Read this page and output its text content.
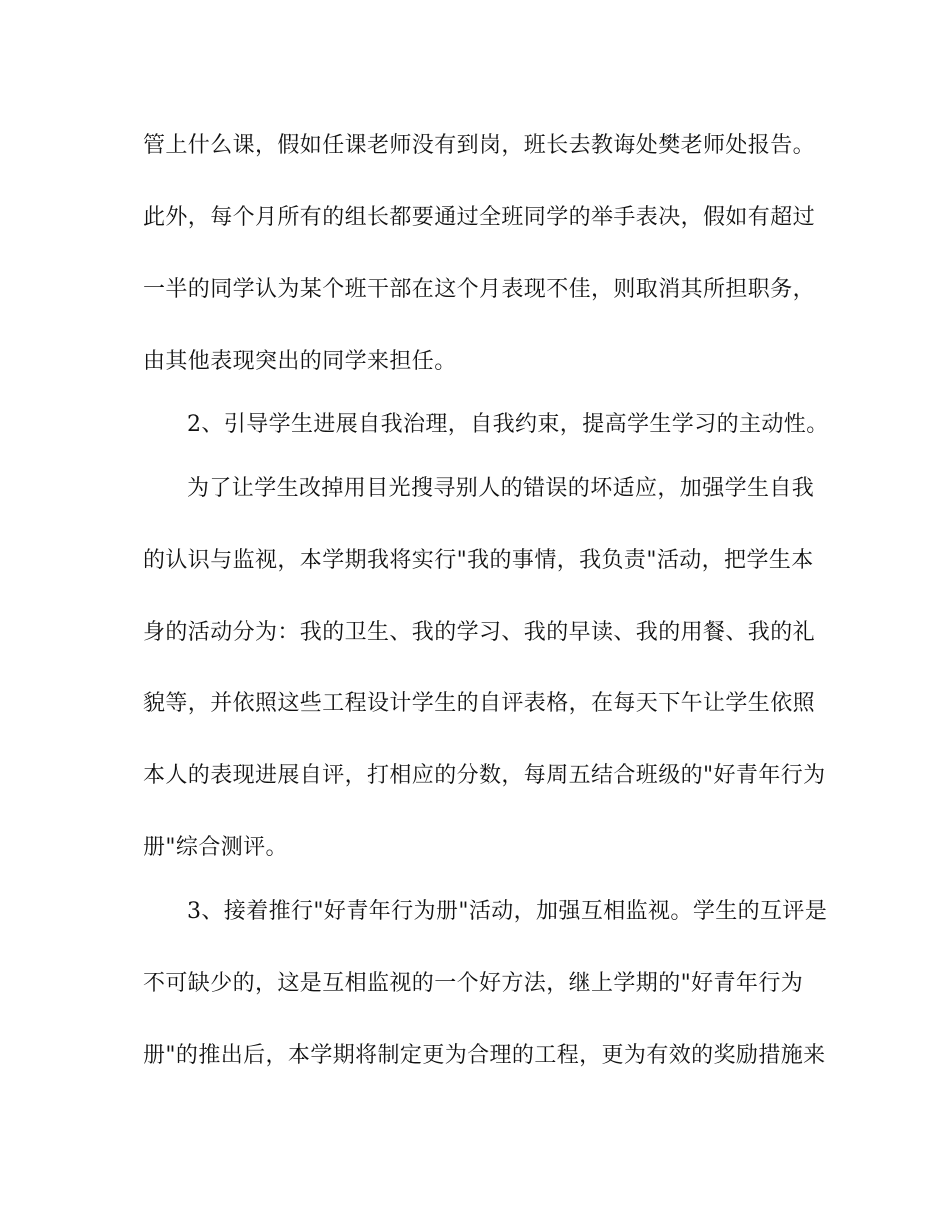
管上什么课，假如任课老师没有到岗，班长去教诲处樊老师处报告。
此外，每个月所有的组长都要通过全班同学的举手表决，假如有超过
一半的同学认为某个班干部在这个月表现不佳，则取消其所担职务，
由其他表现突出的同学来担任。
2、引导学生进展自我治理，自我约束，提高学生学习的主动性。
为了让学生改掉用目光搜寻别人的错误的坏适应，加强学生自我
的认识与监视，本学期我将实行"我的事情，我负责"活动，把学生本
身的活动分为：我的卫生、我的学习、我的早读、我的用餐、我的礼
貌等，并依照这些工程设计学生的自评表格，在每天下午让学生依照
本人的表现进展自评，打相应的分数，每周五结合班级的"好青年行为
册"综合测评。
3、接着推行"好青年行为册"活动，加强互相监视。学生的互评是
不可缺少的，这是互相监视的一个好方法，继上学期的"好青年行为
册"的推出后，本学期将制定更为合理的工程，更为有效的奖励措施来
